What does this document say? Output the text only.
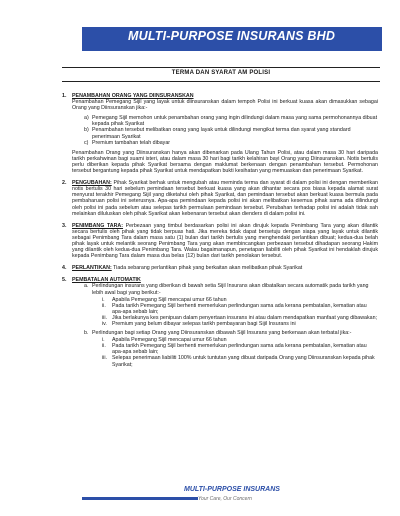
MULTI-PURPOSE INSURANS BHD
TERMA DAN SYARAT AM POLISI
1. PENAMBAHAN ORANG YANG DIINSURANSKAN

Penambahan Pemegang Sijil yang layak untuk diinsuranskan dalam tempoh Polisi ini berkuat kuasa akan dimasukkan sebagai Orang yang Diinsuranskan jika:-

a) Pemegang Sijil memohon untuk penambahan orang yang ingin dilindungi dalam masa yang sama permohonannya dibuat kepada pihak Syarikat
b) Penambahan tersebut melibatkan orang yang layak untuk dilindungi mengikut terma dan syarat yang standard penerimaan Syarikat
c) Premium tambahan telah dibayar

Penambahan Orang yang Diinsuranskan hanya akan dibenarkan pada Ulang Tahun Polisi, atau dalam masa 30 hari daripada tarikh perkahwinan bagi suami isteri, atau dalam masa 30 hari bagi tarikh kelahiran bayi Orang yang Diinsuranskan. Notis bertulis perlu diberikan kepada pihak Syarikat bersama dengan maklumat berkenaan dengan penambahan tersebut. Permohonan tersebut bergantung kepada pihak Syarikat untuk mendapatkan bukti kesihatan yang memuaskan dan penerimaan Syarikat.

2. PENGUBAHAN: Pihak Syarikat berhak untuk mengubah atau meminda terma dan syarat di dalam polisi ini dengan memberikan notis bertulis 30 hari sebelum pemindaan tersebut berkuat kuasa yang akan dihantar secara pos biasa kepada alamat surat menyurat terakhir Pemegang Sijil yang diketahui oleh pihak Syarikat, dan pemindaan tersebut akan berkuat kuasa bermula pada pembaharuan polisi ini seterusnya. Apa-apa pemindaan kepada polisi ini akan melibatkan kesemua pihak sama ada dilindungi oleh polisi ini pada sebelum atau selepas tarikh permulaan pemindaan tersebut. Perubahan terhadap polisi ini adalah tidak sah melainkan diluluskan oleh pihak Syarikat akan kebenaran tersebut akan dienders di dalam polisi ini.

3. PENIMBANG TARA: Perbezaan yang timbul berdasarkan polisi ini akan dirujuk kepada Penimbang Tara yang akan dilantik secara bertulis oleh pihak yang tidak berpuas hati. Jika mereka tidak dapat bersetuju dengan siapa yang layak untuk dilantik sebagai Penimbang Tara dalam masa satu (1) bulan dari tarikh bertulis yang menghendaki perlantikan dibuat; kedua-dua belah pihak layak untuk melantik seorang Penimbang Tara yang akan membincangkan perbezaan tersebut dihadapan seorang Hakim yang dilantik oleh kedua-dua Penimbang Tara. Walau bagaimanapun, penetapan liabiliti oleh pihak Syarikat ini hendaklah dirujuk kepada Penimbang Tara dalam masa dua belas (12) bulan dari tarikh penolakan tersebut.

4. PERLANTIKAN: Tiada sebarang perlantikan pihak yang berkaitan akan melibatkan pihak Syarikat

5. PEMBATALAN AUTOMATIK
a. Perlindungan insurans yang diberikan di bawah setia Sijil Insurans akan dibatalkan secara automatik pada tarikh yang lebih awal bagi yang berikut:-
i. Apabila Pemegang Sijil mencapai umur 66 tahun
ii. Pada tarikh Pemegang Sijil berhenti memerlukan perlindungan sama ada kerana pembatalan, kematian atau apa-apa sebab lain;
iii. Jika berlakunya kes penipuan dalam penyertaan insurans ini atau dalam mendapatkan manfaat yang dibawakan;
iv. Premium yang belum dibayar selepas tarikh pembayaran bagi Sijil Insurans ini
b. Perlindungan bagi setiap Orang yang Diinsuranskan dibawah Sijil Insurans yang berkenaan akan terbatal jika:-
i. Apabila Pemegang Sijil mencapai umur 66 tahun
ii. Pada tarikh Pemegang Sijil berhenti memerlukan perlindungan sama ada kerana pembatalan, kematian atau apa-apa sebab lain;
iii. Selepas penerimaan liabiliti 100% untuk tuntutan yang dibuat daripada Orang yang Diinsuranskan kepada pihak Syarikat;
MULTI-PURPOSE INSURANS
Your Care, Our Concern
